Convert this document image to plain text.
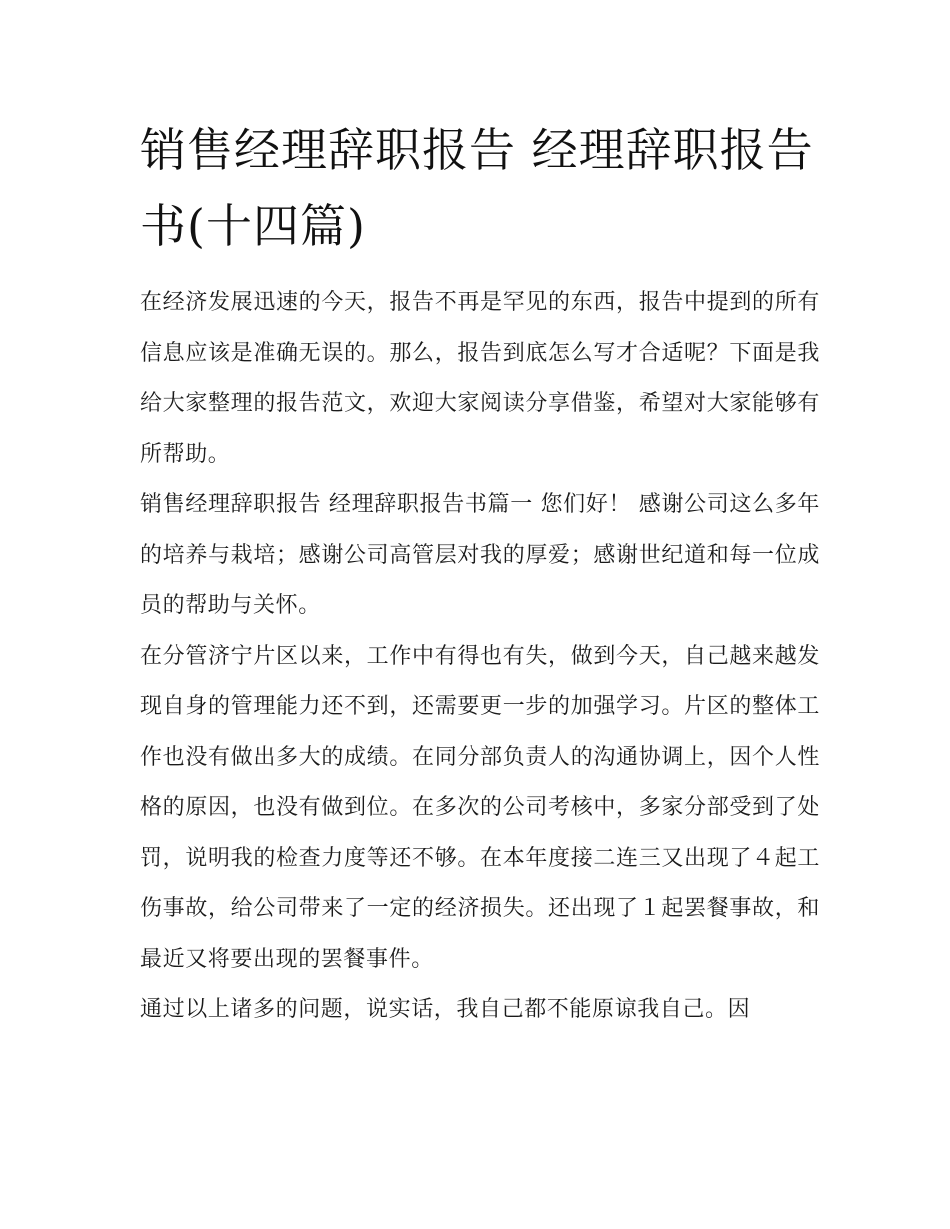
销售经理辞职报告 经理辞职报告书(十四篇)

在经济发展迅速的今天，报告不再是罕见的东西，报告中提到的所有信息应该是准确无误的。那么，报告到底怎么写才合适呢？下面是我给大家整理的报告范文，欢迎大家阅读分享借鉴，希望对大家能够有所帮助。

销售经理辞职报告 经理辞职报告书篇一 您们好！ 感谢公司这么多年的培养与栽培；感谢公司高管层对我的厚爱；感谢世纪道和每一位成员的帮助与关怀。

在分管济宁片区以来，工作中有得也有失，做到今天，自己越来越发现自身的管理能力还不到，还需要更一步的加强学习。片区的整体工作也没有做出多大的成绩。在同分部负责人的沟通协调上，因个人性格的原因，也没有做到位。在多次的公司考核中，多家分部受到了处罚，说明我的检查力度等还不够。在本年度接二连三又出现了４起工伤事故，给公司带来了一定的经济损失。还出现了１起罢餐事故，和最近又将要出现的罢餐事件。

通过以上诸多的问题，说实话，我自己都不能原谅我自己。因
